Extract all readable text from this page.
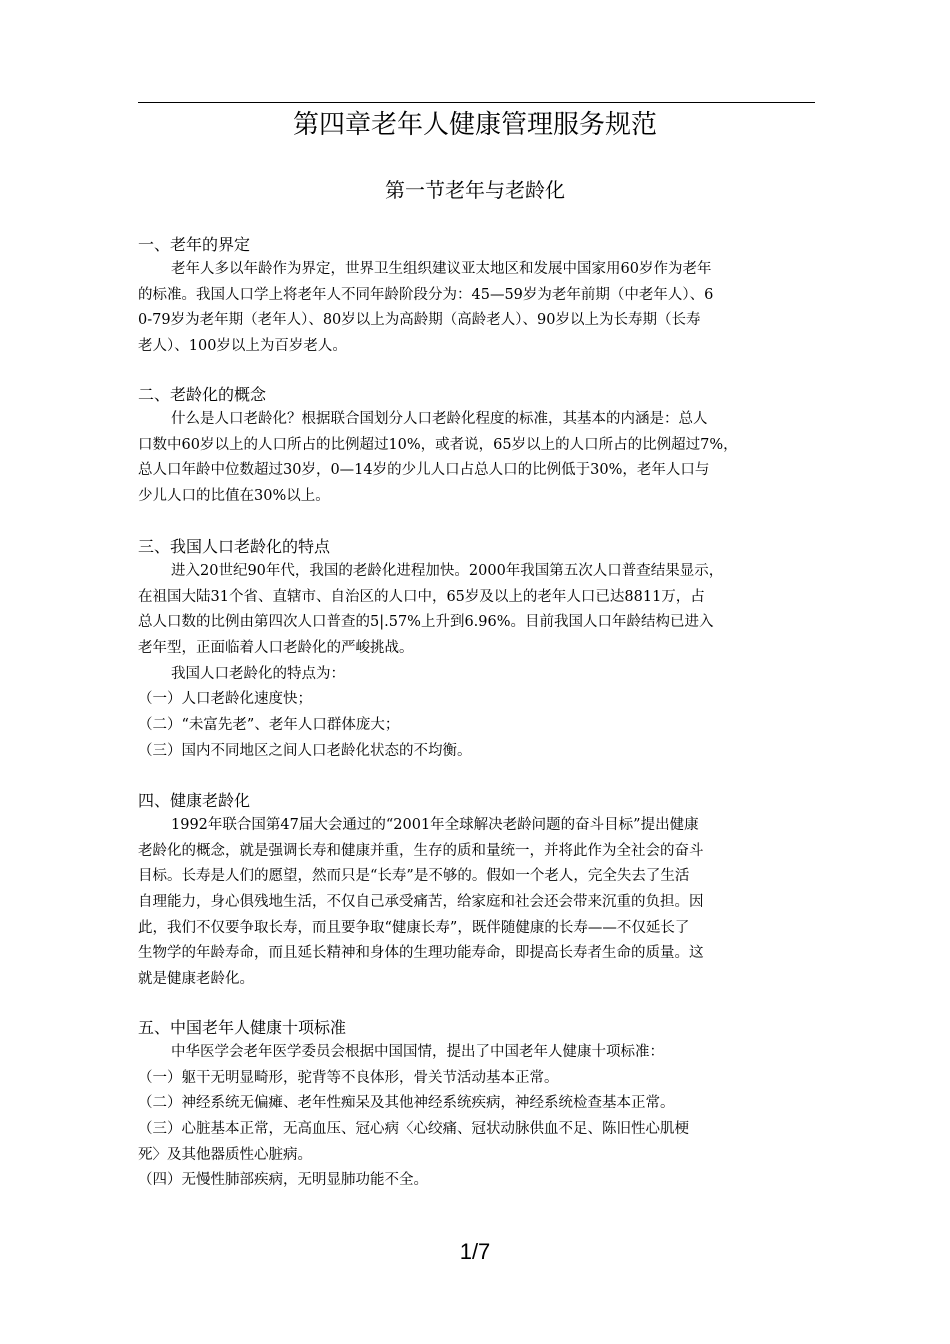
第四章老年人健康管理服务规范
第一节老年与老龄化
一、老年的界定
老年人多以年龄作为界定，世界卫生组织建议亚太地区和发展中国家用60岁作为老年
的标准。我国人口学上将老年人不同年龄阶段分为：45—59岁为老年前期（中老年人）、6
0-79岁为老年期（老年人）、80岁以上为高龄期（高龄老人）、90岁以上为长寿期（长寿
老人）、100岁以上为百岁老人。
二、老龄化的概念
什么是人口老龄化？根据联合国划分人口老龄化程度的标准，其基本的内涵是：总人
口数中60岁以上的人口所占的比例超过10%，或者说，65岁以上的人口所占的比例超过7%，
总人口年龄中位数超过30岁，0—14岁的少儿人口占总人口的比例低于30%，老年人口与
少儿人口的比值在30%以上。
三、我国人口老龄化的特点
进入20世纪90年代，我国的老龄化进程加快。2000年我国第五次人口普查结果显示，
在祖国大陆31个省、直辖市、自治区的人口中，65岁及以上的老年人口已达8811万，占
总人口数的比例由第四次人口普查的5|.57%上升到6.96%。目前我国人口年龄结构已进入
老年型，正面临着人口老龄化的严峻挑战。
我国人口老龄化的特点为：
（一）人口老龄化速度快；
（二）“未富先老”、老年人口群体庞大；
（三）国内不同地区之间人口老龄化状态的不均衡。
四、健康老龄化
1992年联合国第47届大会通过的“2001年全球解决老龄问题的奋斗目标”提出健康
老龄化的概念，就是强调长寿和健康并重，生存的质和量统一，并将此作为全社会的奋斗
目标。长寿是人们的愿望，然而只是“长寿”是不够的。假如一个老人，完全失去了生活
自理能力，身心俱残地生活，不仅自己承受痛苦，给家庭和社会还会带来沉重的负担。因
此，我们不仅要争取长寿，而且要争取“健康长寿”，既伴随健康的长寿——不仅延长了
生物学的年龄寿命，而且延长精神和身体的生理功能寿命，即提高长寿者生命的质量。这
就是健康老龄化。
五、中国老年人健康十项标准
中华医学会老年医学委员会根据中国国情，提出了中国老年人健康十项标准：
（一）躯干无明显畸形，驼背等不良体形，骨关节活动基本正常。
（二）神经系统无偏瘫、老年性痴呆及其他神经系统疾病，神经系统检查基本正常。
（三）心脏基本正常，无高血压、冠心病〈心绞痛、冠状动脉供血不足、陈旧性心肌梗
死〉及其他器质性心脏病。
（四）无慢性肺部疾病，无明显肺功能不全。
1/7
